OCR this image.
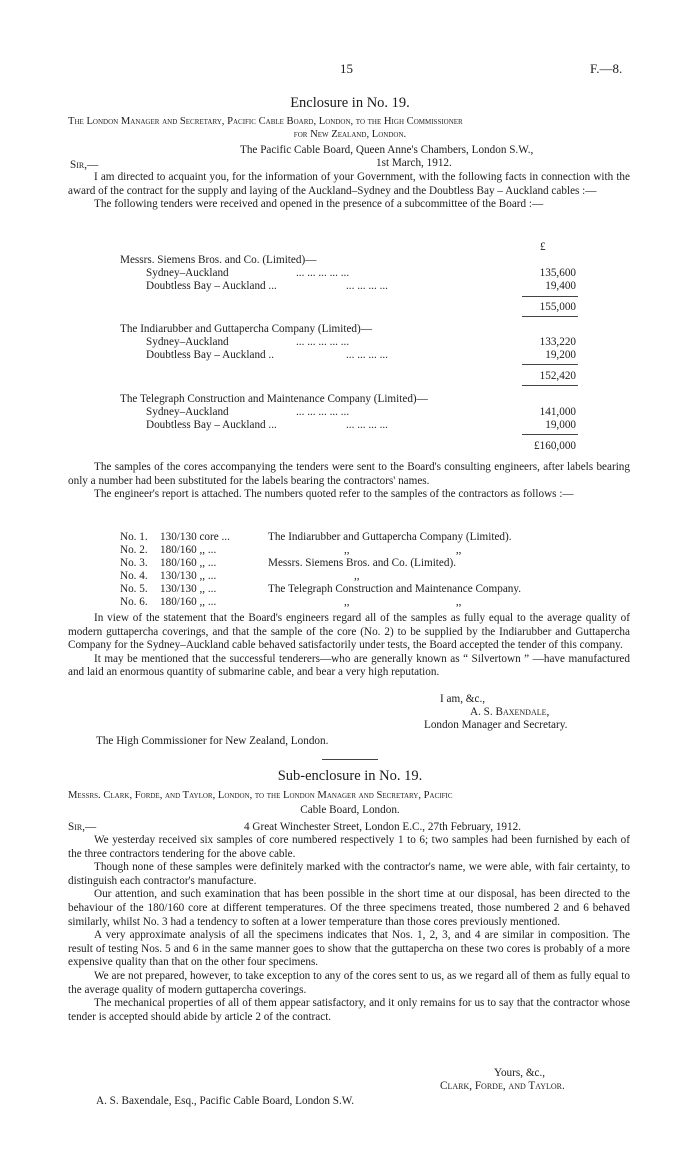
15	F.—8.
Enclosure in No. 19.
The London Manager and Secretary, Pacific Cable Board, London, to the High Commissioner
for New Zealand, London.
The Pacific Cable Board, Queen Anne's Chambers, London S.W.,
1st March, 1912.
Sir,—

I am directed to acquaint you, for the information of your Government, with the following facts in connection with the award of the contract for the supply and laying of the Auckland–Sydney and the Doubtless Bay – Auckland cables :—

The following tenders were received and opened in the presence of a subcommittee of the Board :—

£
Messrs. Siemens Bros. and Co. (Limited)—
Sydney–Auckland	... ... ... ... ...	135,600
Doubtless Bay – Auckland ...	... ... ... ...	19,400
155,000
The Indiarubber and Guttapercha Company (Limited)—
Sydney–Auckland	... ... ... ... ...	133,220
Doubtless Bay – Auckland ..	... ... ... ...	19,200
152,420
The Telegraph Construction and Maintenance Company (Limited)—
Sydney–Auckland	... ... ... ... ...	141,000
Doubtless Bay – Auckland ...	... ... ... ...	19,000
£160,000

The samples of the cores accompanying the tenders were sent to the Board's consulting engineers, after labels bearing only a number had been substituted for the labels bearing the contractors' names.

The engineer's report is attached. The numbers quoted refer to the samples of the contractors as follows :—

No. 1. 130/130 core ...	The Indiarubber and Guttapercha Company (Limited).
No. 2. 180/160 ,, ...	,,                                      ,,
No. 3. 180/160 ,, ...	Messrs. Siemens Bros. and Co. (Limited).
No. 4. 130/130 ,, ...	,,
No. 5. 130/130 ,, ...	The Telegraph Construction and Maintenance Company.
No. 6. 180/160 ,, ...	,,                                      ,,

In view of the statement that the Board's engineers regard all of the samples as fully equal to the average quality of modern guttapercha coverings, and that the sample of the core (No. 2) to be supplied by the Indiarubber and Guttapercha Company for the Sydney–Auckland cable behaved satisfactorily under tests, the Board accepted the tender of this company.

It may be mentioned that the successful tenderers—who are generally known as “ Silvertown ” —have manufactured and laid an enormous quantity of submarine cable, and bear a very high reputation.

I am, &c.,
A. S. Baxendale,
London Manager and Secretary.
The High Commissioner for New Zealand, London.
Sub-enclosure in No. 19.
Messrs. Clark, Forde, and Taylor, London, to the London Manager and Secretary, Pacific
Cable Board, London.
Sir,—	4 Great Winchester Street, London E.C., 27th February, 1912.

We yesterday received six samples of core numbered respectively 1 to 6; two samples had been furnished by each of the three contractors tendering for the above cable.

Though none of these samples were definitely marked with the contractor's name, we were able, with fair certainty, to distinguish each contractor's manufacture.

Our attention, and such examination that has been possible in the short time at our disposal, has been directed to the behaviour of the 180/160 core at different temperatures. Of the three specimens treated, those numbered 2 and 6 behaved similarly, whilst No. 3 had a tendency to soften at a lower temperature than those cores previously mentioned.

A very approximate analysis of all the specimens indicates that Nos. 1, 2, 3, and 4 are similar in composition. The result of testing Nos. 5 and 6 in the same manner goes to show that the guttapercha on these two cores is probably of a more expensive quality than that on the other four specimens.

We are not prepared, however, to take exception to any of the cores sent to us, as we regard all of them as fully equal to the average quality of modern guttapercha coverings.

The mechanical properties of all of them appear satisfactory, and it only remains for us to say that the contractor whose tender is accepted should abide by article 2 of the contract.

Yours, &c.,
Clark, Forde, and Taylor.
A. S. Baxendale, Esq., Pacific Cable Board, London S.W.
